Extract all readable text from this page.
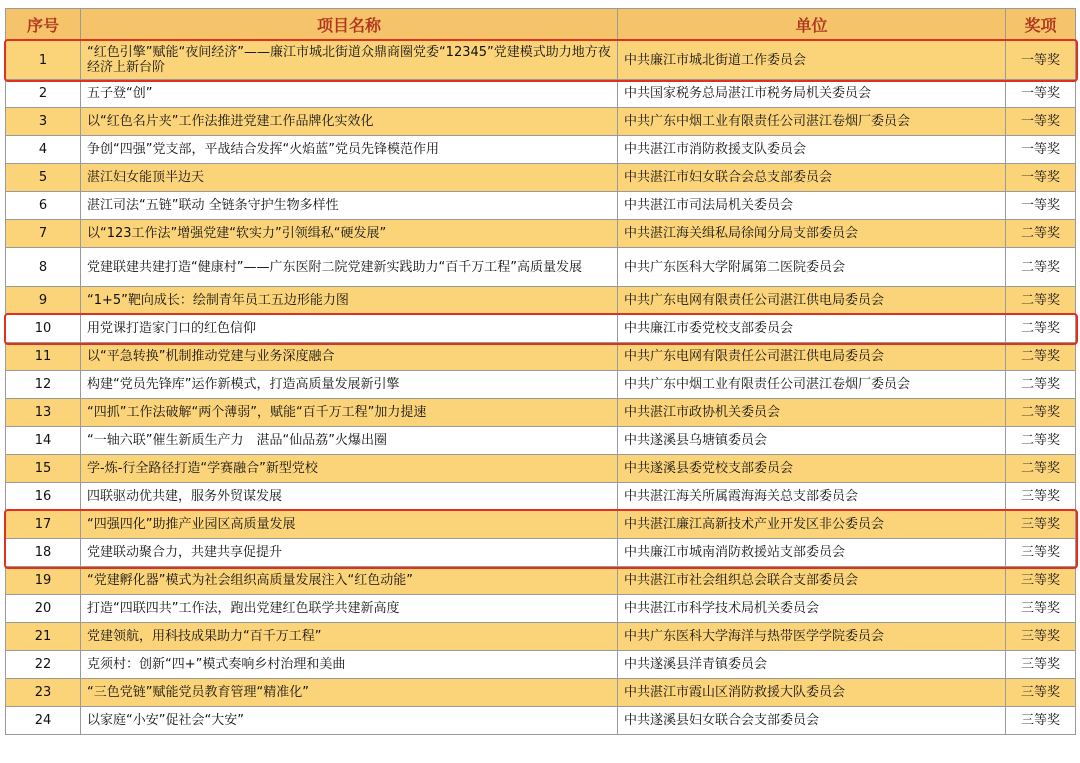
序号	项目名称	单位	奖项
1	“红色引擎”赋能“夜间经济”——廉江市城北街道众鼎商圈党委“12345”党建模式助力地方夜经济上新台阶	中共廉江市城北街道工作委员会	一等奖
2	五子登“创”	中共国家税务总局湛江市税务局机关委员会	一等奖
3	以“红色名片夹”工作法推进党建工作品牌化实效化	中共广东中烟工业有限责任公司湛江卷烟厂委员会	一等奖
4	争创“四强”党支部，平战结合发挥“火焰蓝”党员先锋模范作用	中共湛江市消防救援支队委员会	一等奖
5	湛江妇女能顶半边天	中共湛江市妇女联合会总支部委员会	一等奖
6	湛江司法“五链”联动 全链条守护生物多样性	中共湛江市司法局机关委员会	一等奖
7	以“123工作法”增强党建“软实力”引领缉私“硬发展”	中共湛江海关缉私局徐闻分局支部委员会	二等奖
8	党建联建共建打造“健康村”——广东医附二院党建新实践助力“百千万工程”高质量发展	中共广东医科大学附属第二医院委员会	二等奖
9	“1+5”靶向成长：绘制青年员工五边形能力图	中共广东电网有限责任公司湛江供电局委员会	二等奖
10	用党课打造家门口的红色信仰	中共廉江市委党校支部委员会	二等奖
11	以“平急转换”机制推动党建与业务深度融合	中共广东电网有限责任公司湛江供电局委员会	二等奖
12	构建“党员先锋库”运作新模式，打造高质量发展新引擎	中共广东中烟工业有限责任公司湛江卷烟厂委员会	二等奖
13	“四抓”工作法破解“两个薄弱”，赋能“百千万工程”加力提速	中共湛江市政协机关委员会	二等奖
14	“一轴六联”催生新质生产力　湛品“仙品荔”火爆出圈	中共遂溪县乌塘镇委员会	二等奖
15	学-炼-行全路径打造“学赛融合”新型党校	中共遂溪县委党校支部委员会	二等奖
16	四联驱动优共建，服务外贸谋发展	中共湛江海关所属霞海海关总支部委员会	三等奖
17	“四强四化”助推产业园区高质量发展	中共湛江廉江高新技术产业开发区非公委员会	三等奖
18	党建联动聚合力，共建共享促提升	中共廉江市城南消防救援站支部委员会	三等奖
19	“党建孵化器”模式为社会组织高质量发展注入“红色动能”	中共湛江市社会组织总会联合支部委员会	三等奖
20	打造“四联四共”工作法，跑出党建红色联学共建新高度	中共湛江市科学技术局机关委员会	三等奖
21	党建领航，用科技成果助力“百千万工程”	中共广东医科大学海洋与热带医学学院委员会	三等奖
22	克须村：创新“四+”模式奏响乡村治理和美曲	中共遂溪县洋青镇委员会	三等奖
23	“三色党链”赋能党员教育管理“精准化”	中共湛江市霞山区消防救援大队委员会	三等奖
24	以家庭“小安”促社会“大安”	中共遂溪县妇女联合会支部委员会	三等奖
